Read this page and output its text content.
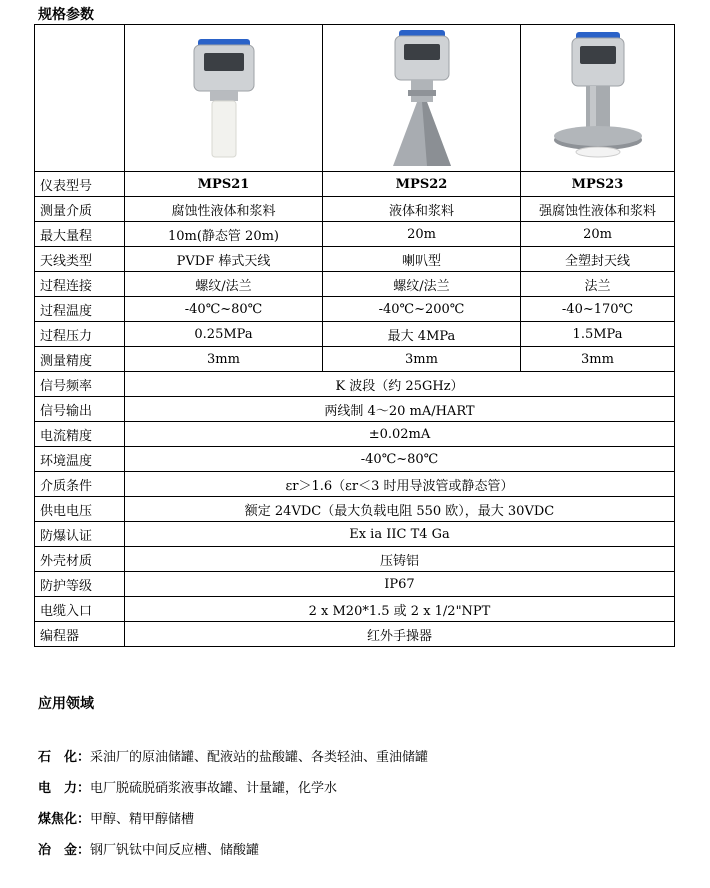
规格参数

仪表型号	MPS21	MPS22	MPS23
测量介质	腐蚀性液体和浆料	液体和浆料	强腐蚀性液体和浆料
最大量程	10m(静态管 20m)	20m	20m
天线类型	PVDF 棒式天线	喇叭型	全塑封天线
过程连接	螺纹/法兰	螺纹/法兰	法兰
过程温度	-40℃~80℃	-40℃~200℃	-40~170℃
过程压力	0.25MPa	最大 4MPa	1.5MPa
测量精度	3mm	3mm	3mm
信号频率	K 波段（约 25GHz）		
信号输出	两线制 4～20 mA/HART		
电流精度	±0.02mA		
环境温度	-40℃~80℃		
介质条件	εr＞1.6（εr＜3 时用导波管或静态管）		
供电电压	额定 24VDC（最大负载电阻 550 欧），最大 30VDC		
防爆认证	Ex ia IIC T4 Ga		
外壳材质	压铸铝		
防护等级	IP67		
电缆入口	2 x M20*1.5 或 2 x 1/2"NPT		
编程器	红外手操器		
应用领域
石　化：采油厂的原油储罐、配液站的盐酸罐、各类轻油、重油储罐
电　力：电厂脱硫脱硝浆液事故罐、计量罐，化学水
煤焦化：甲醇、精甲醇储槽
冶　金：钢厂钒钛中间反应槽、储酸罐
